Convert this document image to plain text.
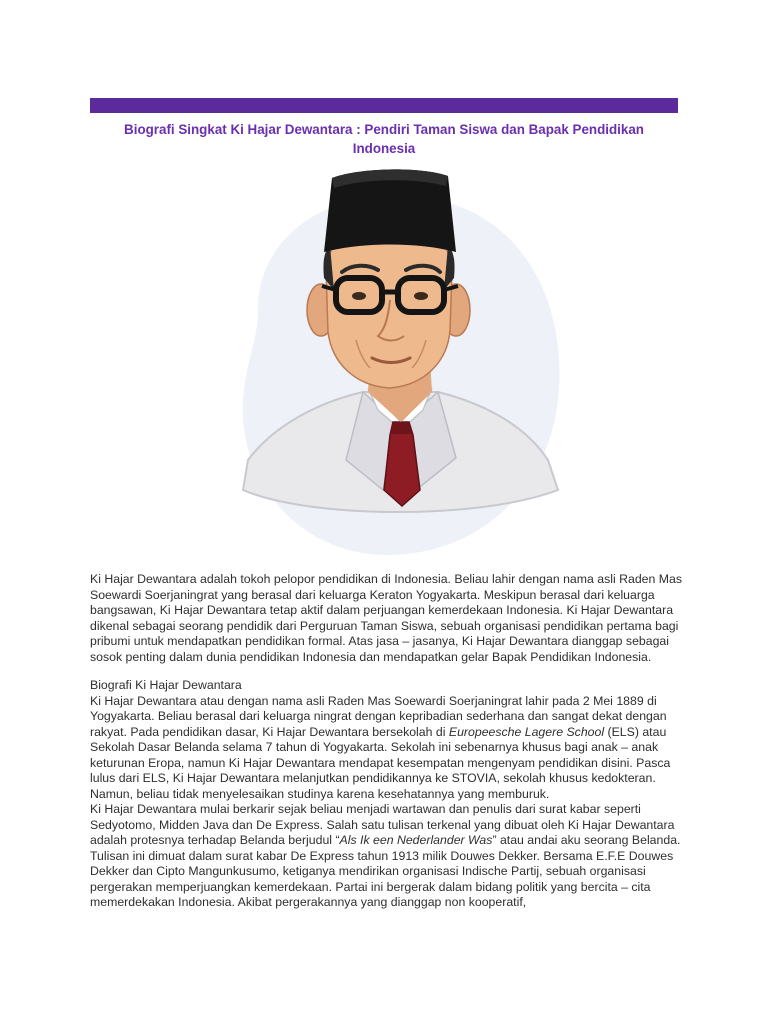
Biografi Singkat Ki Hajar Dewantara : Pendiri Taman Siswa dan Bapak Pendidikan Indonesia

Ki Hajar Dewantara adalah tokoh pelopor pendidikan di Indonesia. Beliau lahir dengan nama asli Raden Mas Soewardi Soerjaningrat yang berasal dari keluarga Keraton Yogyakarta. Meskipun berasal dari keluarga bangsawan, Ki Hajar Dewantara tetap aktif dalam perjuangan kemerdekaan Indonesia. Ki Hajar Dewantara dikenal sebagai seorang pendidik dari Perguruan Taman Siswa, sebuah organisasi pendidikan pertama bagi pribumi untuk mendapatkan pendidikan formal. Atas jasa – jasanya, Ki Hajar Dewantara dianggap sebagai sosok penting dalam dunia pendidikan Indonesia dan mendapatkan gelar Bapak Pendidikan Indonesia.

Biografi Ki Hajar Dewantara

Ki Hajar Dewantara atau dengan nama asli Raden Mas Soewardi Soerjaningrat lahir pada 2 Mei 1889 di Yogyakarta. Beliau berasal dari keluarga ningrat dengan kepribadian sederhana dan sangat dekat dengan rakyat. Pada pendidikan dasar, Ki Hajar Dewantara bersekolah di Europeesche Lagere School (ELS) atau Sekolah Dasar Belanda selama 7 tahun di Yogyakarta. Sekolah ini sebenarnya khusus bagi anak – anak keturunan Eropa, namun Ki Hajar Dewantara mendapat kesempatan mengenyam pendidikan disini. Pasca lulus dari ELS, Ki Hajar Dewantara melanjutkan pendidikannya ke STOVIA, sekolah khusus kedokteran. Namun, beliau tidak menyelesaikan studinya karena kesehatannya yang memburuk.

Ki Hajar Dewantara mulai berkarir sejak beliau menjadi wartawan dan penulis dari surat kabar seperti Sedyotomo, Midden Java dan De Express. Salah satu tulisan terkenal yang dibuat oleh Ki Hajar Dewantara adalah protesnya terhadap Belanda berjudul “Als Ik een Nederlander Was” atau andai aku seorang Belanda. Tulisan ini dimuat dalam surat kabar De Express tahun 1913 milik Douwes Dekker. Bersama E.F.E Douwes Dekker dan Cipto Mangunkusumo, ketiganya mendirikan organisasi Indische Partij, sebuah organisasi pergerakan memperjuangkan kemerdekaan. Partai ini bergerak dalam bidang politik yang bercita – cita memerdekakan Indonesia. Akibat pergerakannya yang dianggap non kooperatif,
